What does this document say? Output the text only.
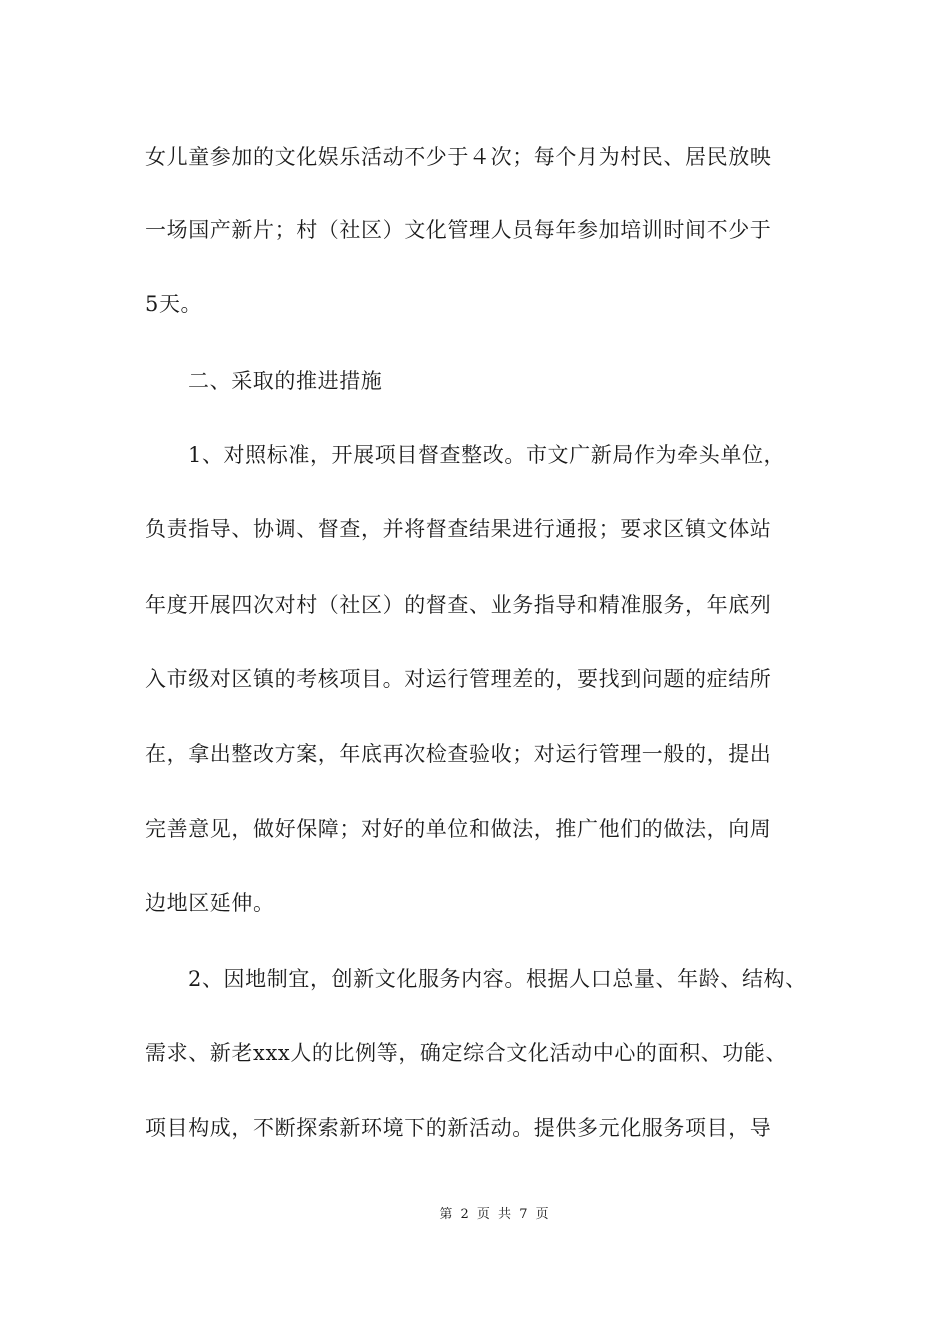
女儿童参加的文化娱乐活动不少于４次；每个月为村民、居民放映

一场国产新片；村（社区）文化管理人员每年参加培训时间不少于

5天。

二、采取的推进措施

1、对照标准，开展项目督查整改。市文广新局作为牵头单位，

负责指导、协调、督查，并将督查结果进行通报；要求区镇文体站

年度开展四次对村（社区）的督查、业务指导和精准服务，年底列

入市级对区镇的考核项目。对运行管理差的，要找到问题的症结所

在，拿出整改方案，年底再次检查验收；对运行管理一般的，提出

完善意见，做好保障；对好的单位和做法，推广他们的做法，向周

边地区延伸。

2、因地制宜，创新文化服务内容。根据人口总量、年龄、结构、

需求、新老xxx人的比例等，确定综合文化活动中心的面积、功能、

项目构成，不断探索新环境下的新活动。提供多元化服务项目，导

第 2 页 共 7 页
